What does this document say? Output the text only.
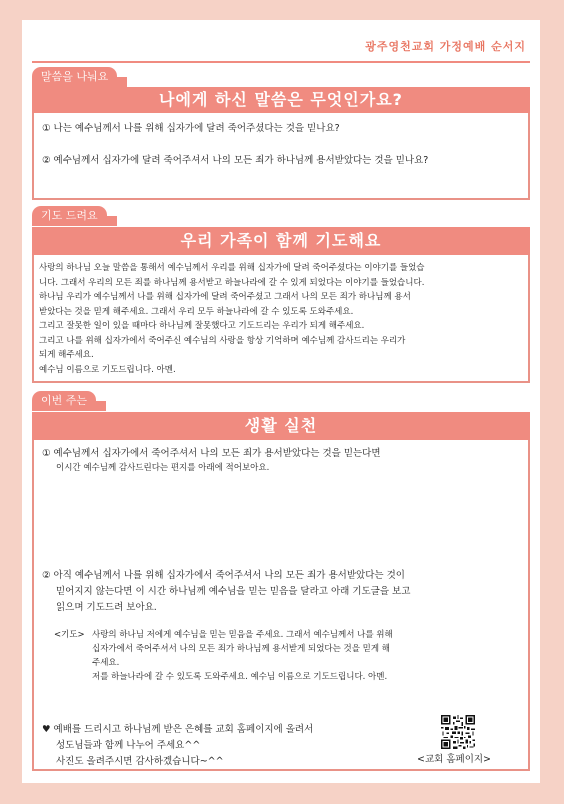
광주영천교회 가정예배 순서지
말씀을 나눠요
나에게 하신 말씀은 무엇인가요?
① 나는 예수님께서 나를 위해 십자가에 달려 죽어주셨다는 것을 믿나요?
② 예수님께서 십자가에 달려 죽어주셔서 나의 모든 죄가 하나님께 용서받았다는 것을 믿나요?
기도 드려요
우리 가족이 함께 기도해요
사랑의 하나님 오늘 말씀을 통해서 예수님께서 우리를 위해 십자가에 달려 죽어주셨다는 이야기를 들었습
니다. 그래서 우리의 모든 죄를 하나님께 용서받고 하늘나라에 갈 수 있게 되었다는 이야기를 들었습니다.
하나님 우리가 예수님께서 나를 위해 십자가에 달려 죽어주셨고 그래서 나의 모든 죄가 하나님께 용서
받았다는 것을 믿게 해주세요. 그래서 우리 모두 하늘나라에 갈 수 있도록 도와주세요.
그리고 잘못한 일이 있을 때마다 하나님께 잘못했다고 기도드리는 우리가 되게 해주세요.
그리고 나를 위해 십자가에서 죽어주신 예수님의 사랑을 항상 기억하며 예수님께 감사드리는 우리가
되게 해주세요.
예수님 이름으로 기도드립니다. 아멘.
이번 주는
생활 실천
① 예수님께서 십자가에서 죽어주셔서 나의 모든 죄가 용서받았다는 것을 믿는다면
이시간 예수님께 감사드린다는 편지를 아래에 적어보아요.
② 아직 예수님께서 나를 위해 십자가에서 죽어주셔서 나의 모든 죄가 용서받았다는 것이
믿어지지 않는다면 이 시간 하나님께 예수님을 믿는 믿음을 달라고 아래 기도글을 보고
읽으며 기도드려 보아요.
<기도> 사랑의 하나님 저에게 예수님을 믿는 믿음을 주세요. 그래서 예수님께서 나를 위해
십자가에서 죽어주셔서 나의 모든 죄가 하나님께 용서받게 되었다는 것을 믿게 해
주세요.
저를 하늘나라에 갈 수 있도록 도와주세요. 예수님 이름으로 기도드립니다. 아멘.
♥ 예배를 드리시고 하나님께 받은 은혜를 교회 홈페이지에 올려서
성도님들과 함께 나누어 주세요^^
사진도 올려주시면 감사하겠습니다~^^	<교회 홈페이지>
